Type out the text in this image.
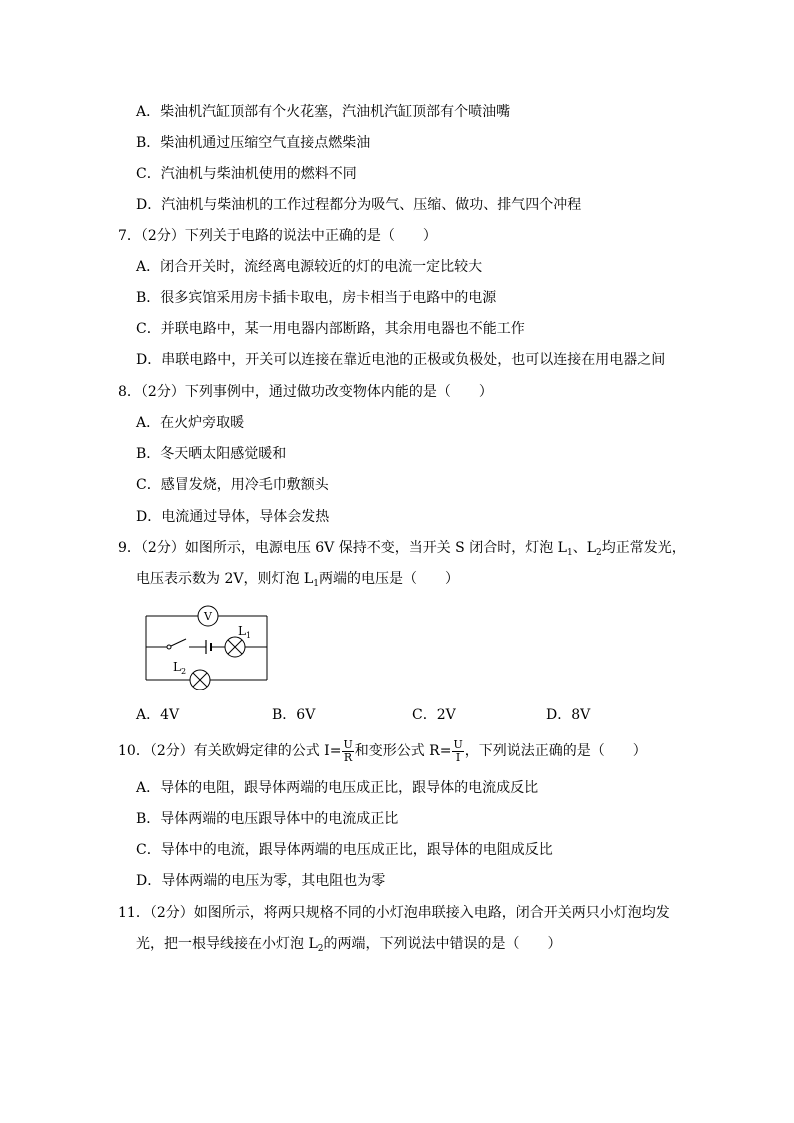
A．柴油机汽缸顶部有个火花塞，汽油机汽缸顶部有个喷油嘴
B．柴油机通过压缩空气直接点燃柴油
C．汽油机与柴油机使用的燃料不同
D．汽油机与柴油机的工作过程都分为吸气、压缩、做功、排气四个冲程
7．（2分）下列关于电路的说法中正确的是（　　）
A．闭合开关时，流经离电源较近的灯的电流一定比较大
B．很多宾馆采用房卡插卡取电，房卡相当于电路中的电源
C．并联电路中，某一用电器内部断路，其余用电器也不能工作
D．串联电路中，开关可以连接在靠近电池的正极或负极处，也可以连接在用电器之间
8．（2分）下列事例中，通过做功改变物体内能的是（　　）
A．在火炉旁取暖
B．冬天晒太阳感觉暖和
C．感冒发烧，用冷毛巾敷额头
D．电流通过导体，导体会发热
9．（2分）如图所示，电源电压 6V 保持不变，当开关 S 闭合时，灯泡 $L_1$、$L_2$均正常发光，
电压表示数为 2V，则灯泡 $L_1$两端的电压是（　　）
V
$L_1$
$L_2$
A．4V	B．6V	C．2V	D．8V
10．（2分）有关欧姆定律的公式 $I= \frac{U}{R}$ 和变形公式 $R= \frac{U}{I}$ ，下列说法正确的是（　　）
A．导体的电阻，跟导体两端的电压成正比，跟导体的电流成反比
B．导体两端的电压跟导体中的电流成正比
C．导体中的电流，跟导体两端的电压成正比，跟导体的电阻成反比
D．导体两端的电压为零，其电阻也为零
11．（2分）如图所示，将两只规格不同的小灯泡串联接入电路，闭合开关两只小灯泡均发
光，把一根导线接在小灯泡 $L_2$的两端，下列说法中错误的是（　　）
